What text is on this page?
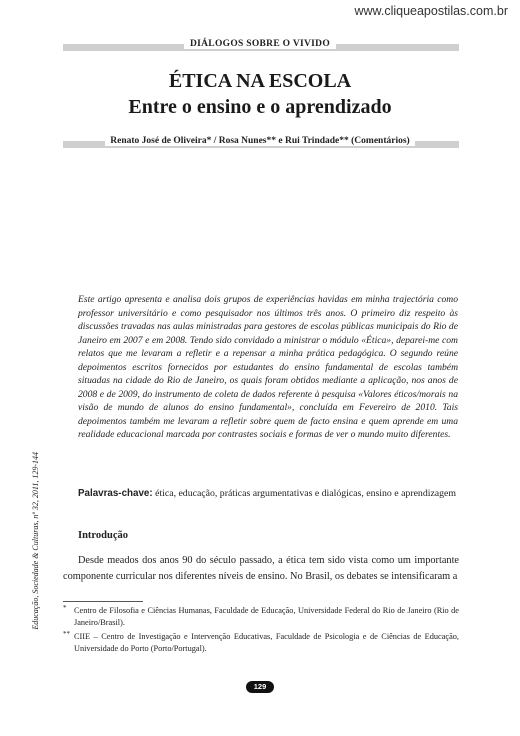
www.cliqueapostilas.com.br
DIÁLOGOS SOBRE O VIVIDO
ÉTICA NA ESCOLA
Entre o ensino e o aprendizado
Renato José de Oliveira* / Rosa Nunes** e Rui Trindade** (Comentários)

Este artigo apresenta e analisa dois grupos de experiências havidas em minha trajectória como professor universitário e como pesquisador nos últimos três anos. O primeiro diz respeito às discussões travadas nas aulas ministradas para gestores de escolas públicas municipais do Rio de Janeiro em 2007 e em 2008. Tendo sido convidado a ministrar o módulo «Ética», deparei-me com relatos que me levaram a refletir e a repensar a minha prática pedagógica. O segundo reúne depoimentos escritos fornecidos por estudantes do ensino fundamental de escolas também situadas na cidade do Rio de Janeiro, os quais foram obtidos mediante a aplicação, nos anos de 2008 e de 2009, do instrumento de coleta de dados referente à pesquisa «Valores éticos/morais na visão de mundo de alunos do ensino fundamental», concluída em Fevereiro de 2010. Tais depoimentos também me levaram a refletir sobre quem de facto ensina e quem aprende em uma realidade educacional marcada por contrastes sociais e formas de ver o mundo muito diferentes.

Palavras-chave: ética, educação, práticas argumentativas e dialógicas, ensino e aprendizagem

Introdução

Desde meados dos anos 90 do século passado, a ética tem sido vista como um importante componente curricular nos diferentes níveis de ensino. No Brasil, os debates se intensificaram a

* Centro de Filosofia e Ciências Humanas, Faculdade de Educação, Universidade Federal do Rio de Janeiro (Rio de Janeiro/Brasil).

** CIIE – Centro de Investigação e Intervenção Educativas, Faculdade de Psicologia e de Ciências de Educação, Universidade do Porto (Porto/Portugal).

Educação, Sociedade & Culturas, nº 32, 2011, 129-144
129
